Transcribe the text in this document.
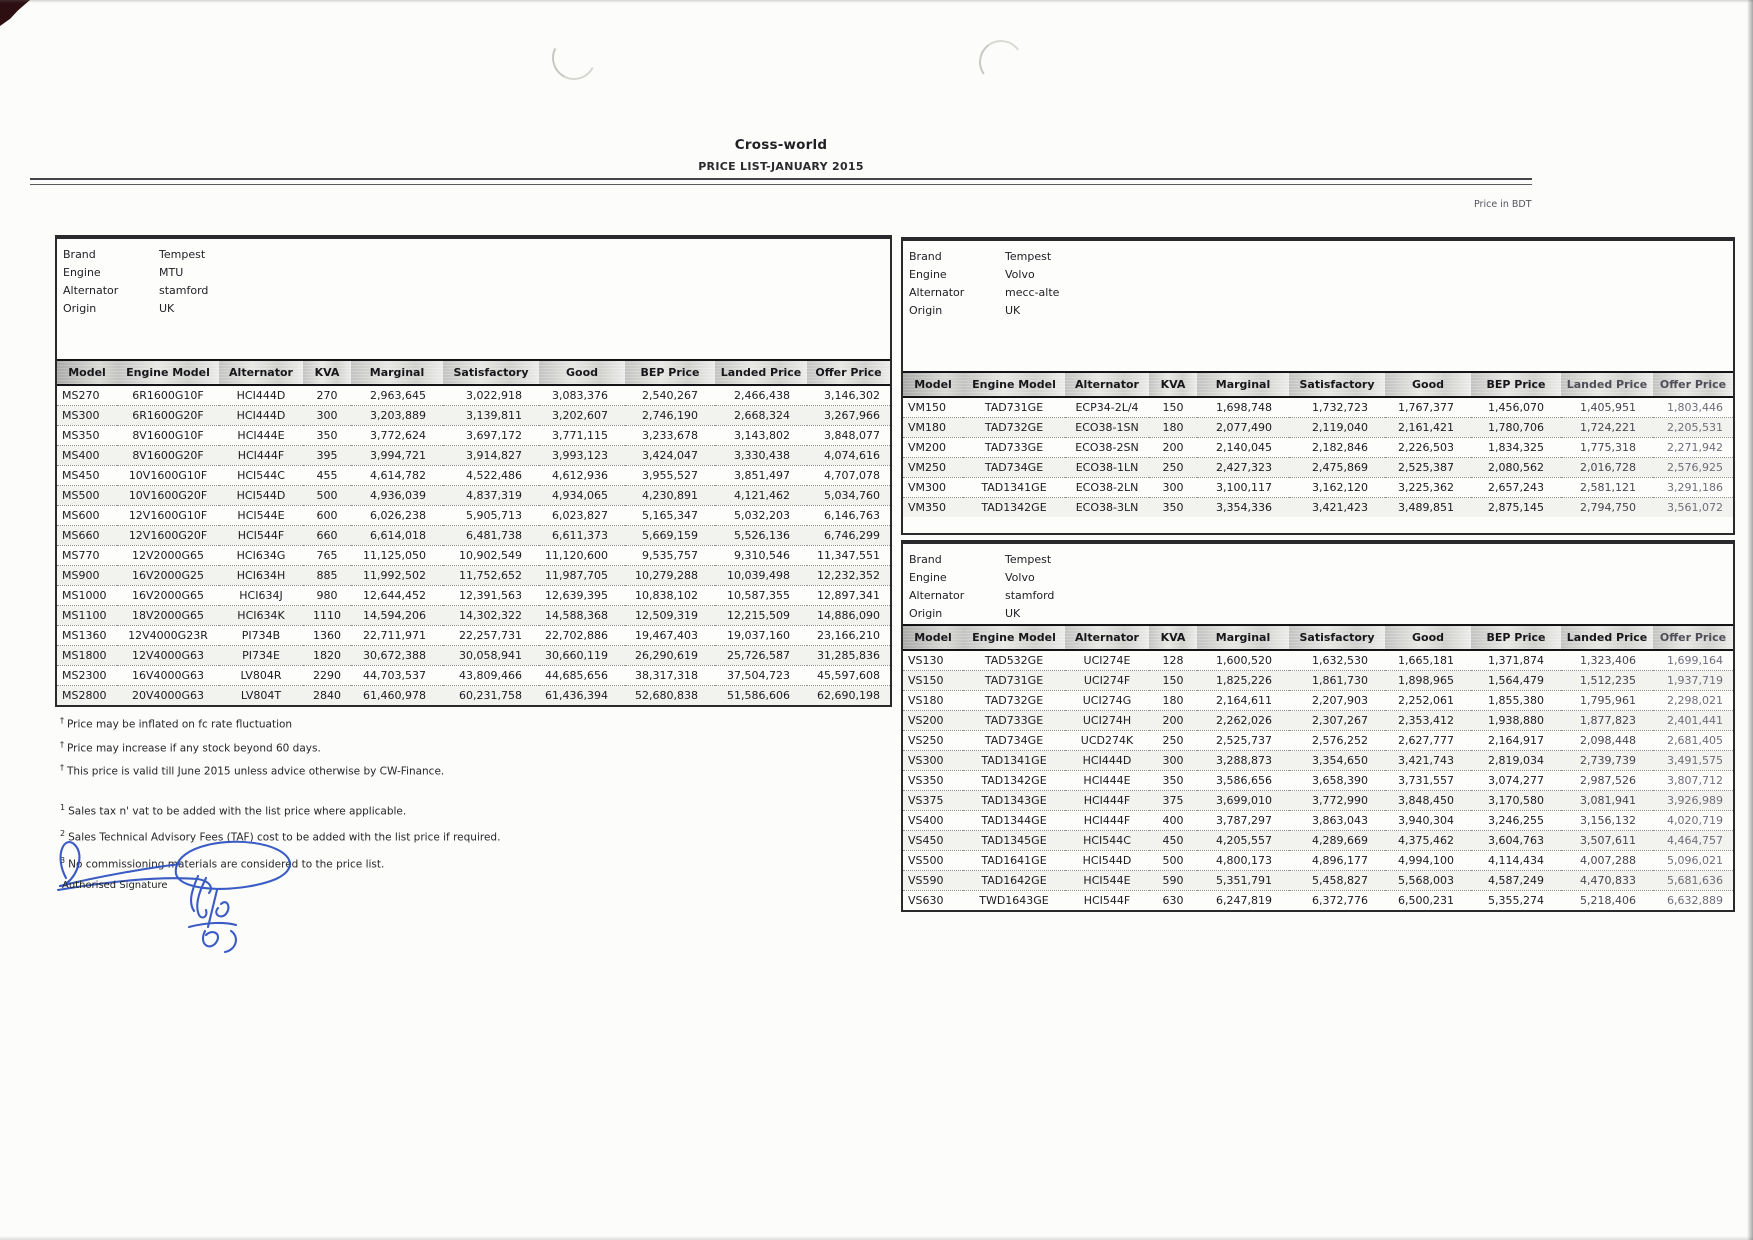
Cross-world
PRICE LIST-JANUARY 2015
Price in BDT
Brand	Tempest
Engine	MTU
Alternator	stamford
Origin	UK
Model	Engine Model	Alternator	KVA	Marginal	Satisfactory	Good	BEP Price	Landed Price	Offer Price
MS270	6R1600G10F	HCI444D	270	2,963,645	3,022,918	3,083,376	2,540,267	2,466,438	3,146,302
MS300	6R1600G20F	HCI444D	300	3,203,889	3,139,811	3,202,607	2,746,190	2,668,324	3,267,966
MS350	8V1600G10F	HCI444E	350	3,772,624	3,697,172	3,771,115	3,233,678	3,143,802	3,848,077
MS400	8V1600G20F	HCI444F	395	3,994,721	3,914,827	3,993,123	3,424,047	3,330,438	4,074,616
MS450	10V1600G10F	HCI544C	455	4,614,782	4,522,486	4,612,936	3,955,527	3,851,497	4,707,078
MS500	10V1600G20F	HCI544D	500	4,936,039	4,837,319	4,934,065	4,230,891	4,121,462	5,034,760
MS600	12V1600G10F	HCI544E	600	6,026,238	5,905,713	6,023,827	5,165,347	5,032,203	6,146,763
MS660	12V1600G20F	HCI544F	660	6,614,018	6,481,738	6,611,373	5,669,159	5,526,136	6,746,299
MS770	12V2000G65	HCI634G	765	11,125,050	10,902,549	11,120,600	9,535,757	9,310,546	11,347,551
MS900	16V2000G25	HCI634H	885	11,992,502	11,752,652	11,987,705	10,279,288	10,039,498	12,232,352
MS1000	16V2000G65	HCI634J	980	12,644,452	12,391,563	12,639,395	10,838,102	10,587,355	12,897,341
MS1100	18V2000G65	HCI634K	1110	14,594,206	14,302,322	14,588,368	12,509,319	12,215,509	14,886,090
MS1360	12V4000G23R	PI734B	1360	22,711,971	22,257,731	22,702,886	19,467,403	19,037,160	23,166,210
MS1800	12V4000G63	PI734E	1820	30,672,388	30,058,941	30,660,119	26,290,619	25,726,587	31,285,836
MS2300	16V4000G63	LV804R	2290	44,703,537	43,809,466	44,685,656	38,317,318	37,504,723	45,597,608
MS2800	20V4000G63	LV804T	2840	61,460,978	60,231,758	61,436,394	52,680,838	51,586,606	62,690,198
Brand	Tempest
Engine	Volvo
Alternator	mecc-alte
Origin	UK
Model	Engine Model	Alternator	KVA	Marginal	Satisfactory	Good	BEP Price	Landed Price	Offer Price
VM150	TAD731GE	ECP34-2L/4	150	1,698,748	1,732,723	1,767,377	1,456,070	1,405,951	1,803,446
VM180	TAD732GE	ECO38-1SN	180	2,077,490	2,119,040	2,161,421	1,780,706	1,724,221	2,205,531
VM200	TAD733GE	ECO38-2SN	200	2,140,045	2,182,846	2,226,503	1,834,325	1,775,318	2,271,942
VM250	TAD734GE	ECO38-1LN	250	2,427,323	2,475,869	2,525,387	2,080,562	2,016,728	2,576,925
VM300	TAD1341GE	ECO38-2LN	300	3,100,117	3,162,120	3,225,362	2,657,243	2,581,121	3,291,186
VM350	TAD1342GE	ECO38-3LN	350	3,354,336	3,421,423	3,489,851	2,875,145	2,794,750	3,561,072
Brand	Tempest
Engine	Volvo
Alternator	stamford
Origin	UK
Model	Engine Model	Alternator	KVA	Marginal	Satisfactory	Good	BEP Price	Landed Price	Offer Price
VS130	TAD532GE	UCI274E	128	1,600,520	1,632,530	1,665,181	1,371,874	1,323,406	1,699,164
VS150	TAD731GE	UCI274F	150	1,825,226	1,861,730	1,898,965	1,564,479	1,512,235	1,937,719
VS180	TAD732GE	UCI274G	180	2,164,611	2,207,903	2,252,061	1,855,380	1,795,961	2,298,021
VS200	TAD733GE	UCI274H	200	2,262,026	2,307,267	2,353,412	1,938,880	1,877,823	2,401,441
VS250	TAD734GE	UCD274K	250	2,525,737	2,576,252	2,627,777	2,164,917	2,098,448	2,681,405
VS300	TAD1341GE	HCI444D	300	3,288,873	3,354,650	3,421,743	2,819,034	2,739,739	3,491,575
VS350	TAD1342GE	HCI444E	350	3,586,656	3,658,390	3,731,557	3,074,277	2,987,526	3,807,712
VS375	TAD1343GE	HCI444F	375	3,699,010	3,772,990	3,848,450	3,170,580	3,081,941	3,926,989
VS400	TAD1344GE	HCI444F	400	3,787,297	3,863,043	3,940,304	3,246,255	3,156,132	4,020,719
VS450	TAD1345GE	HCI544C	450	4,205,557	4,289,669	4,375,462	3,604,763	3,507,611	4,464,757
VS500	TAD1641GE	HCI544D	500	4,800,173	4,896,177	4,994,100	4,114,434	4,007,288	5,096,021
VS590	TAD1642GE	HCI544E	590	5,351,791	5,458,827	5,568,003	4,587,249	4,470,833	5,681,636
VS630	TWD1643GE	HCI544F	630	6,247,819	6,372,776	6,500,231	5,355,274	5,218,406	6,632,889
† Price may be inflated on fc rate fluctuation
† Price may increase if any stock beyond 60 days.
† This price is valid till June 2015 unless advice otherwise by CW-Finance.
$^1$ Sales tax n' vat to be added with the list price where applicable.
$^2$ Sales Technical Advisory Fees (TAF) cost to be added with the list price if required.
$^3$ No commissioning materials are considered to the price list.
Authorised Signature
